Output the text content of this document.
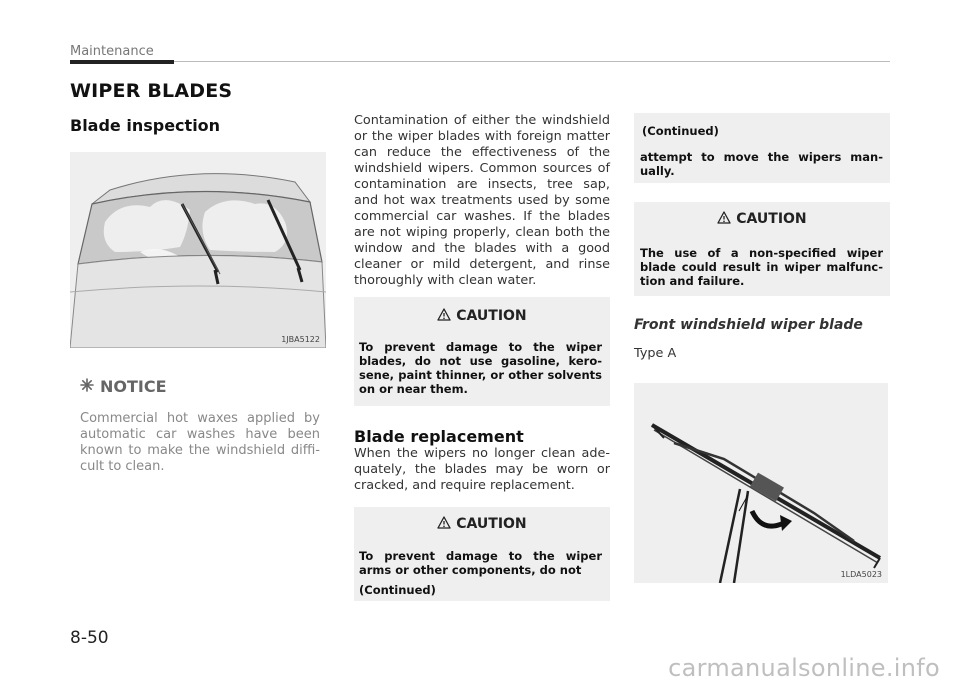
Maintenance
WIPER BLADES
Blade inspection
1JBA5122
NOTICE
Commercial hot waxes applied by automatic car washes have been known to make the windshield diffi-cult to clean.
Contamination of either the windshield or the wiper blades with foreign matter can reduce the effectiveness of the windshield wipers. Common sources of contamination are insects, tree sap, and hot wax treatments used by some commercial car washes. If the blades are not wiping properly, clean both the window and the blades with a good cleaner or mild detergent, and rinse thoroughly with clean water.
CAUTION
To prevent damage to the wiper blades, do not use gasoline, kero-sene, paint thinner, or other solvents on or near them.
Blade replacement
When the wipers no longer clean ade-quately, the blades may be worn or cracked, and require replacement.
CAUTION
To prevent damage to the wiper arms or other components, do not
(Continued)
(Continued)
attempt to move the wipers man-ually.
CAUTION
The use of a non-specified wiper blade could result in wiper malfunc-tion and failure.
Front windshield wiper blade
Type A
1LDA5023
8-50
carmanualsonline.info
